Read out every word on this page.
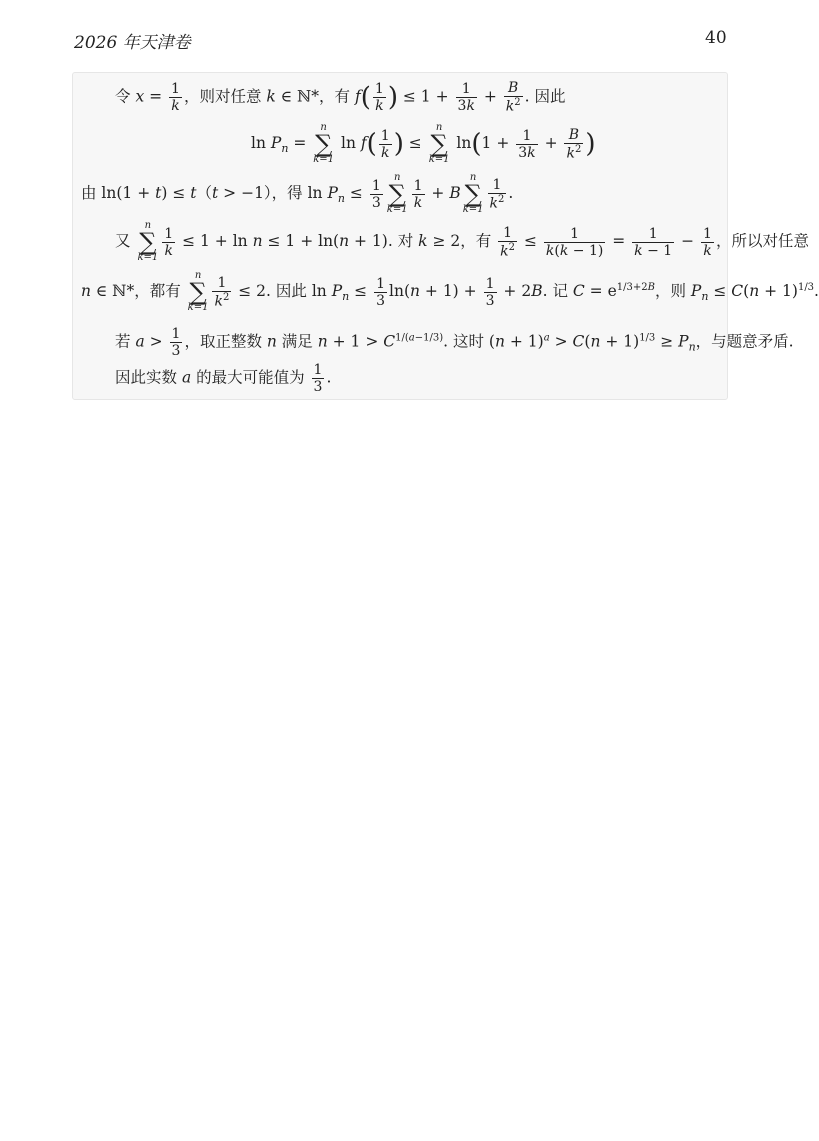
2026 年天津卷	40
令 $x = \frac{1}{k}$ ，则对任意 k ∈ ℕ*，有 $f( \frac{1}{k}$ ) ≤ $1 + \frac{1}{3k} + \frac{B}{k^2}$ . 因此
$\ln P_n$ =
n
∑
k=1
$\ln f( \frac{1}{k}$ ) ≤
n
∑
k=1
$\ln(1 + \frac{1}{3k} + \frac{B}{k^2}$ )
由 ln(1 + t) ≤ t（t > −1），得 $\ln P_n \le \frac{1}{3}$
n
∑
$k=1 \frac{1}{k} + B$
n
∑
$k=1 \frac{1}{k^2}$ .
又
n
∑
$k=1 \frac{1}{k} \le 1 + \ln n \le 1 + \ln(n + 1)$. 对 k ≥ 2，有 $\frac{1}{k^2} \le \frac{1}{k(k - 1)} = \frac{1}{k - 1} - \frac{1}{k}$ ，所以对任意
n ∈ ℕ*，都有
n
∑
$k=1 \frac{1}{k^2} \le 2$. 因此 $\ln P_n \le \frac{1}{3} \ln(n + 1) + \frac{1}{3} + 2B$. 记 $C = e^{1/3+2B}$，则 $P_n \le C(n + 1)^{1/3}$.
若 $a > \frac{1}{3}$ ，取正整数 n 满足 $n + 1 > C^{1/(a-1/3)}$. 这时 $(n + 1)^a > C(n + 1)^{1/3} \ge P_n$，与题意矛盾.
因此实数 a 的最大可能值为 $\frac{1}{3}$ .
